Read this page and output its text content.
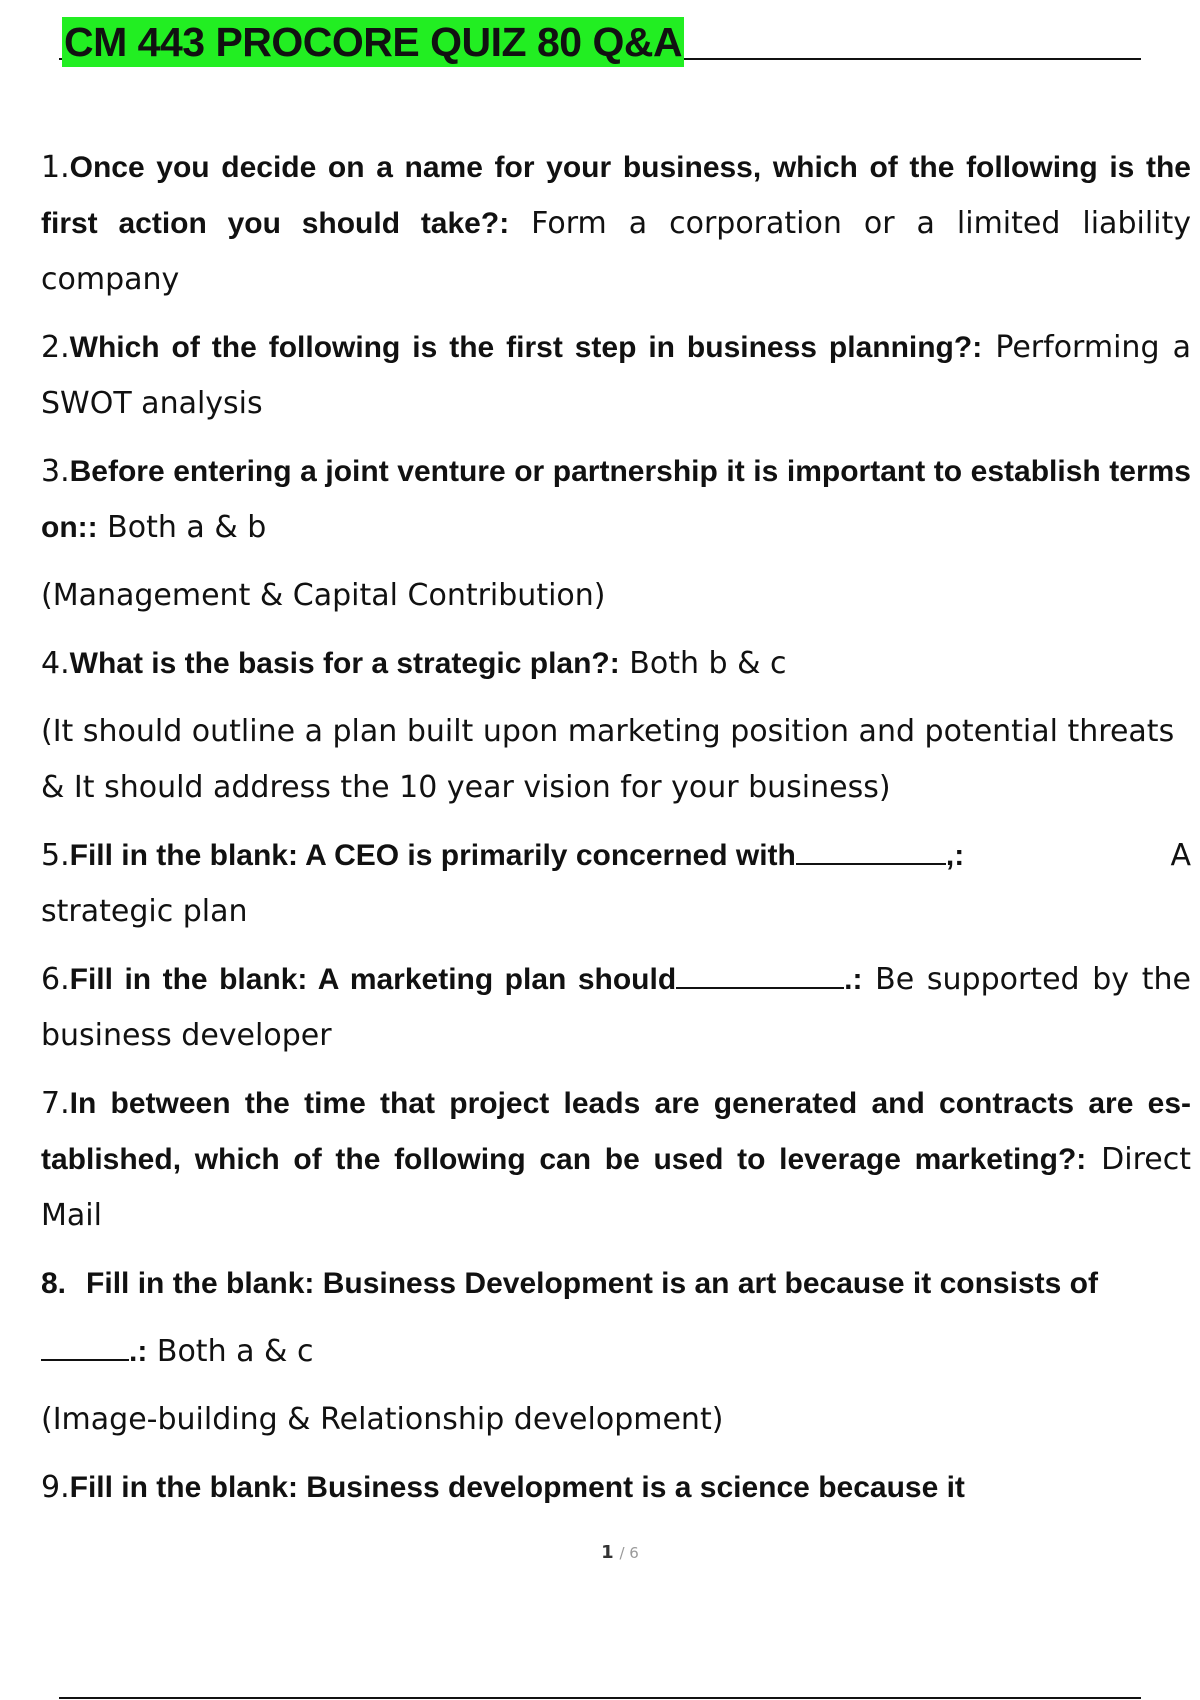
CM 443 PROCORE QUIZ 80 Q&A

1.Once you decide on a name for your business, which of the following is the first action you should take?: Form a corporation or a limited liability company

2.Which of the following is the first step in business planning?: Performing a SWOT analysis

3.Before entering a joint venture or partnership it is important to establish terms on:: Both a & b

(Management & Capital Contribution)

4.What is the basis for a strategic plan?: Both b & c

(It should outline a plan built upon marketing position and potential threats & It should address the 10 year vision for your business)

5.Fill in the blank: A CEO is primarily concerned with	,:	A
strategic plan

6.Fill in the blank: A marketing plan should	.: Be supported by the business developer

7.In between the time that project leads are generated and contracts are es- tablished, which of the following can be used to leverage marketing?: Direct Mail

8. Fill in the blank: Business Development is an art because it consists of
.: Both a & c

(Image-building & Relationship development)

9.Fill in the blank: Business development is a science because it

1 / 6
